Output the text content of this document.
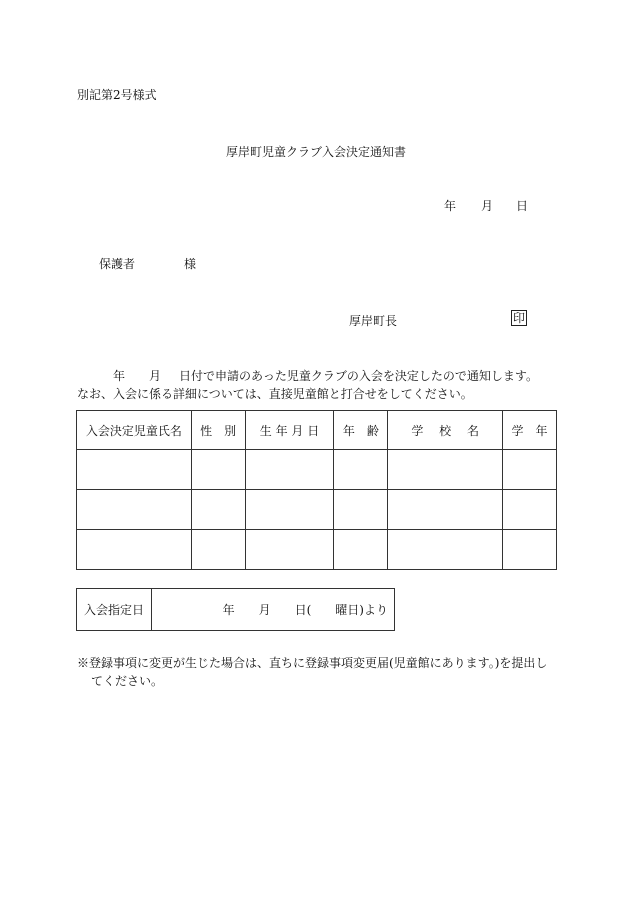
別記第2号様式
厚岸町児童クラブ入会決定通知書
年 月 日
保護者	様
厚岸町長	印
年 月 日付で申請のあった児童クラブの入会を決定したので通知します。
なお、入会に係る詳細については、直接児童館と打合せをしてください。
入会決定児童氏名	性　別	生 年 月 日	年　齢	学　 校　 名	学　年

入会指定日	年　　月　　日(　　曜日)より
※登録事項に変更が生じた場合は、直ちに登録事項変更届(児童館にあります。)を提出し
てください。
